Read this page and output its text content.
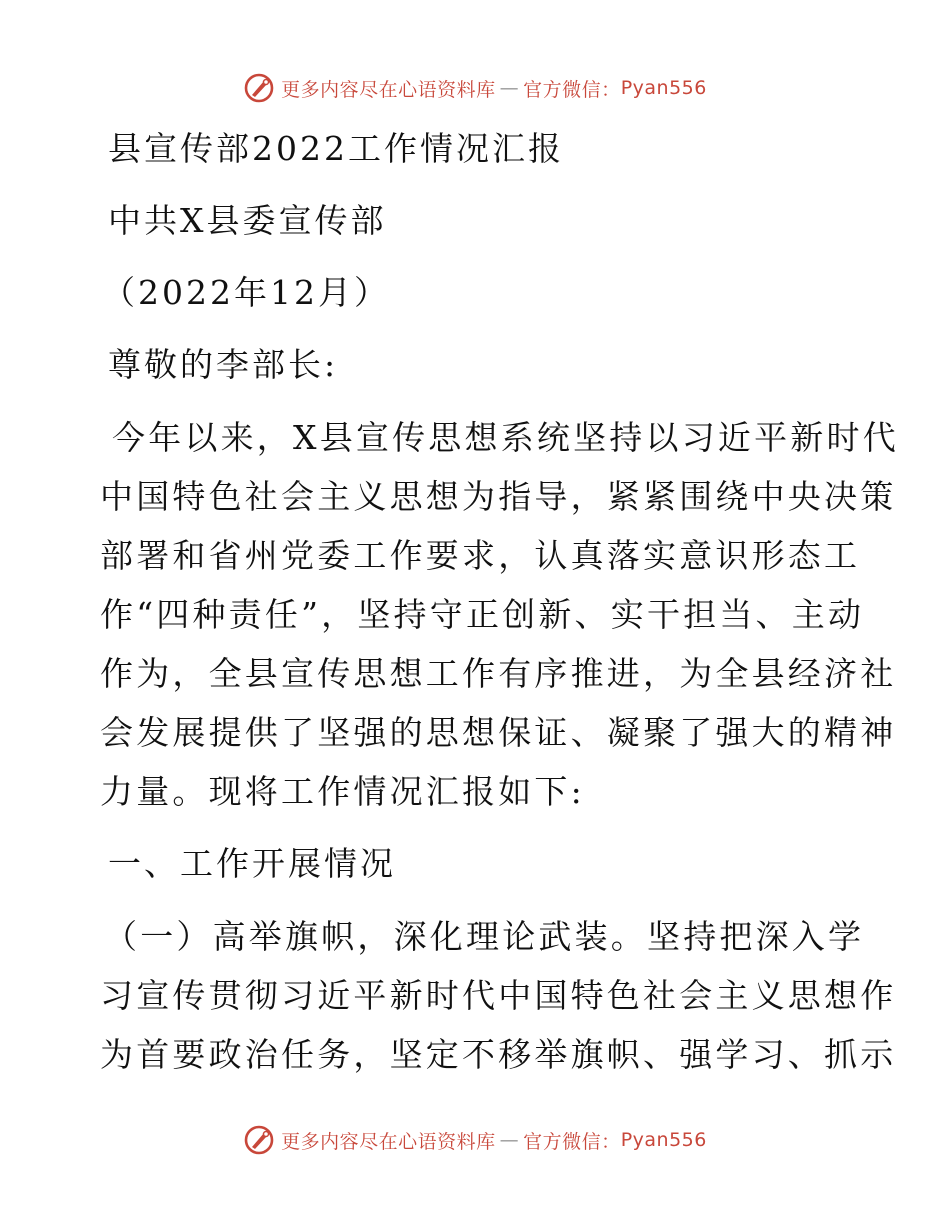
更多内容尽在心语资料库 — 官方微信： Pyan556
县宣传部2022工作情况汇报
中共X县委宣传部
（2022年12月）
尊敬的李部长:
今年以来，X县宣传思想系统坚持以习近平新时代
中国特色社会主义思想为指导，紧紧围绕中央决策
部署和省州党委工作要求，认真落实意识形态工
作“四种责任”，坚持守正创新、实干担当、主动
作为，全县宣传思想工作有序推进，为全县经济社
会发展提供了坚强的思想保证、凝聚了强大的精神
力量。现将工作情况汇报如下:
一、工作开展情况
（一）高举旗帜，深化理论武装。坚持把深入学
习宣传贯彻习近平新时代中国特色社会主义思想作
为首要政治任务，坚定不移举旗帜、强学习、抓示
更多内容尽在心语资料库 — 官方微信： Pyan556
